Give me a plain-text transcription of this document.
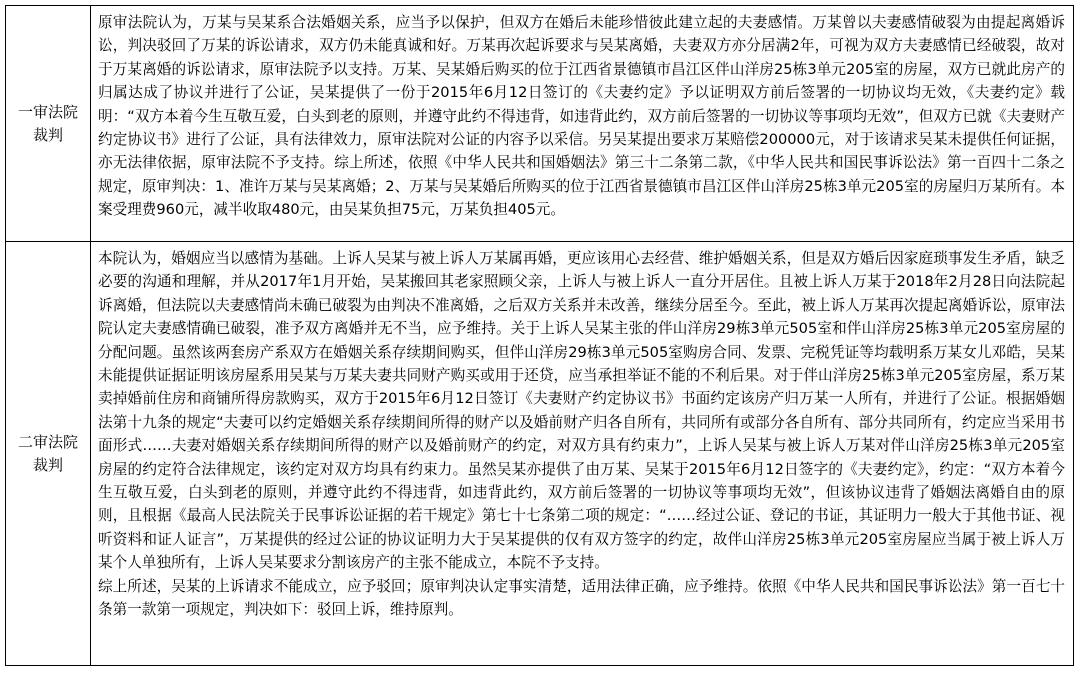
一审法院裁判	原审法院认为，万某与吴某系合法婚姻关系，应当予以保护，但双方在婚后未能珍惜彼此建立起的夫妻感情。万某曾以夫妻感情破裂为由提起离婚诉讼，判决驳回了万某的诉讼请求，双方仍未能真诚和好。万某再次起诉要求与吴某离婚，夫妻双方亦分居满2年，可视为双方夫妻感情已经破裂，故对于万某离婚的诉讼请求，原审法院予以支持。万某、吴某婚后购买的位于江西省景德镇市昌江区伴山洋房25栋3单元205室的房屋，双方已就此房产的归属达成了协议并进行了公证，吴某提供了一份于2015年6月12日签订的《夫妻约定》予以证明双方前后签署的一切协议均无效，《夫妻约定》载明：“双方本着今生互敬互爱，白头到老的原则，并遵守此约不得违背，如违背此约，双方前后签署的一切协议等事项均无效”，但双方已就《夫妻财产约定协议书》进行了公证，具有法律效力，原审法院对公证的内容予以采信。另吴某提出要求万某赔偿200000元，对于该请求吴某未提供任何证据，亦无法律依据，原审法院不予支持。综上所述，依照《中华人民共和国婚姻法》第三十二条第二款，《中华人民共和国民事诉讼法》第一百四十二条之规定，原审判决：1、准许万某与吴某离婚；2、万某与吴某婚后所购买的位于江西省景德镇市昌江区伴山洋房25栋3单元205室的房屋归万某所有。本案受理费960元，减半收取480元，由吴某负担75元，万某负担405元。

二审法院裁判	本院认为，婚姻应当以感情为基础。上诉人吴某与被上诉人万某属再婚，更应该用心去经营、维护婚姻关系，但是双方婚后因家庭琐事发生矛盾，缺乏必要的沟通和理解，并从2017年1月开始，吴某搬回其老家照顾父亲，上诉人与被上诉人一直分开居住。且被上诉人万某于2018年2月28日向法院起诉离婚，但法院以夫妻感情尚未确已破裂为由判决不准离婚，之后双方关系并未改善，继续分居至今。至此，被上诉人万某再次提起离婚诉讼，原审法院认定夫妻感情确已破裂，准予双方离婚并无不当，应予维持。关于上诉人吴某主张的伴山洋房29栋3单元505室和伴山洋房25栋3单元205室房屋的分配问题。虽然该两套房产系双方在婚姻关系存续期间购买，但伴山洋房29栋3单元505室购房合同、发票、完税凭证等均载明系万某女儿邓皓，吴某未能提供证据证明该房屋系用吴某与万某夫妻共同财产购买或用于还贷，应当承担举证不能的不利后果。对于伴山洋房25栋3单元205室房屋，系万某卖掉婚前住房和商铺所得房款购买，双方于2015年6月12日签订《夫妻财产约定协议书》书面约定该房产归万某一人所有，并进行了公证。根据婚姻法第十九条的规定“夫妻可以约定婚姻关系存续期间所得的财产以及婚前财产归各自所有，共同所有或部分各自所有、部分共同所有，约定应当采用书面形式……夫妻对婚姻关系存续期间所得的财产以及婚前财产的约定，对双方具有约束力”，上诉人吴某与被上诉人万某对伴山洋房25栋3单元205室房屋的约定符合法律规定，该约定对双方均具有约束力。虽然吴某亦提供了由万某、吴某于2015年6月12日签字的《夫妻约定》，约定：“双方本着今生互敬互爱，白头到老的原则，并遵守此约不得违背，如违背此约，双方前后签署的一切协议等事项均无效”，但该协议违背了婚姻法离婚自由的原则，且根据《最高人民法院关于民事诉讼证据的若干规定》第七十七条第二项的规定：“……经过公证、登记的书证，其证明力一般大于其他书证、视听资料和证人证言”，万某提供的经过公证的协议证明力大于吴某提供的仅有双方签字的约定，故伴山洋房25栋3单元205室房屋应当属于被上诉人万某个人单独所有，上诉人吴某要求分割该房产的主张不能成立，本院不予支持。

综上所述，吴某的上诉请求不能成立，应予驳回；原审判决认定事实清楚，适用法律正确，应予维持。依照《中华人民共和国民事诉讼法》第一百七十条第一款第一项规定，判决如下：驳回上诉，维持原判。
